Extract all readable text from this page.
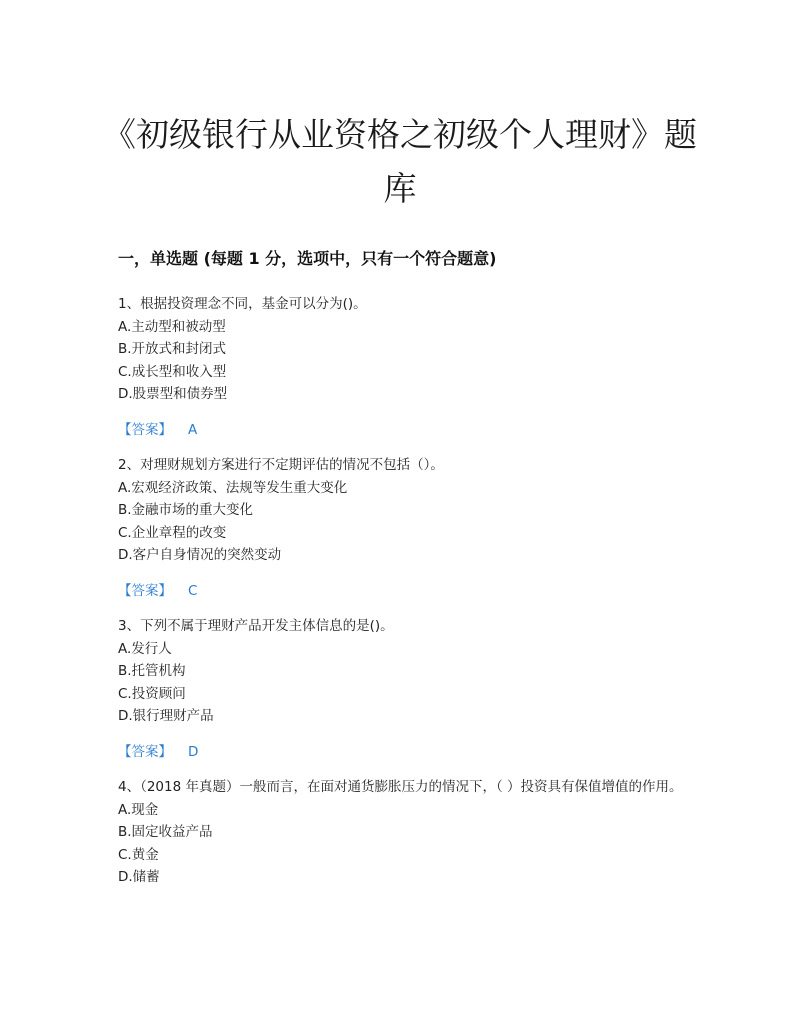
《初级银行从业资格之初级个人理财》题库
一，单选题 (每题 1 分，选项中，只有一个符合题意)

1、根据投资理念不同，基金可以分为()。

A.主动型和被动型

B.开放式和封闭式

C.成长型和收入型

D.股票型和债券型

【答案】 A

2、对理财规划方案进行不定期评估的情况不包括（）。

A.宏观经济政策、法规等发生重大变化

B.金融市场的重大变化

C.企业章程的改变

D.客户自身情况的突然变动

【答案】 C

3、下列不属于理财产品开发主体信息的是()。

A.发行人

B.托管机构

C.投资顾问

D.银行理财产品

【答案】 D

4、（2018 年真题）一般而言，在面对通货膨胀压力的情况下，（ ）投资具有保值增值的作用。

A.现金

B.固定收益产品

C.黄金

D.储蓄
